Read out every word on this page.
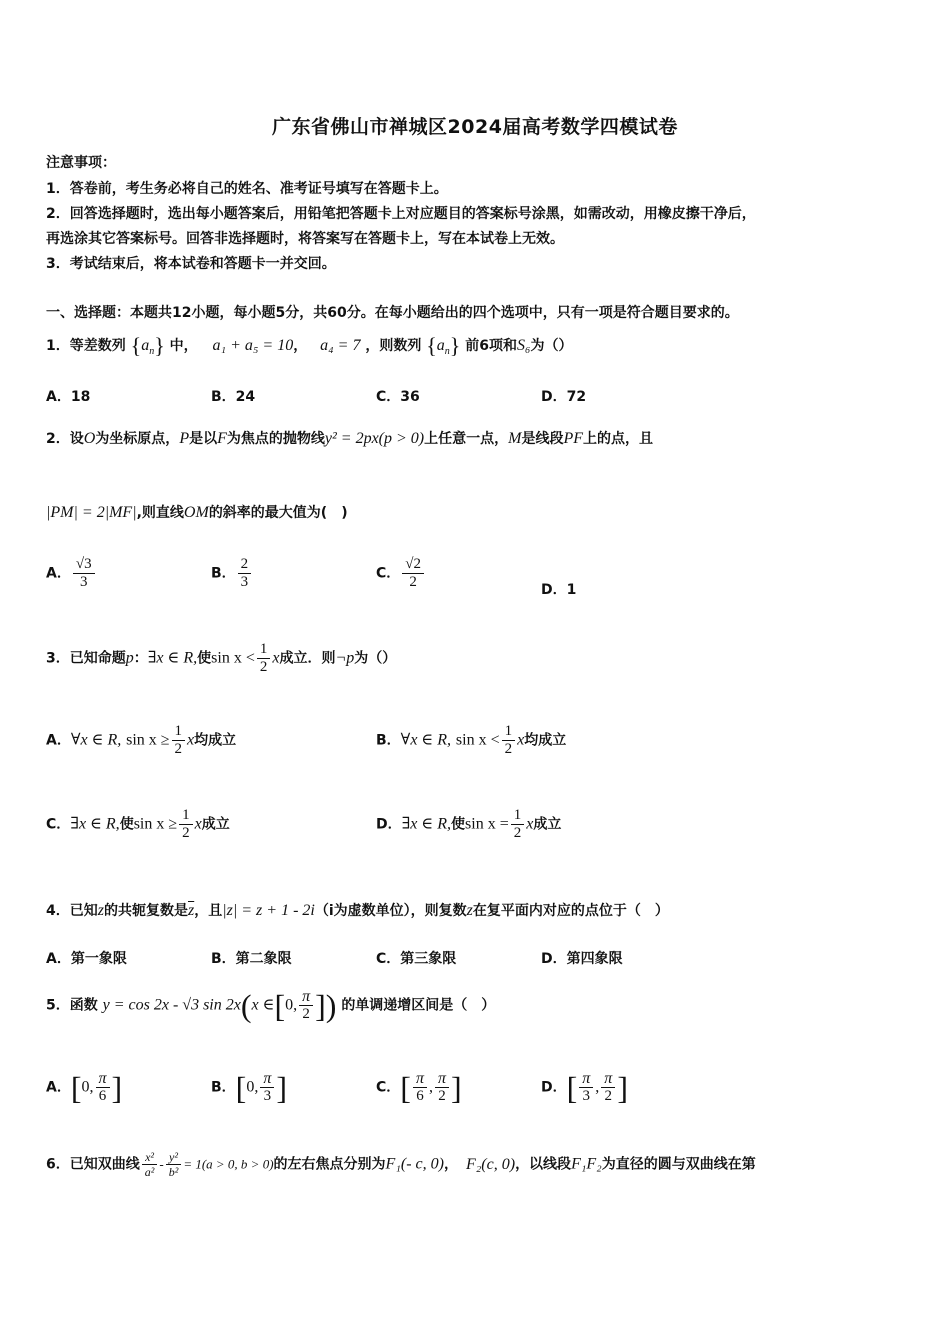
广东省佛山市禅城区2024届高考数学四模试卷
注意事项：
1．答卷前，考生务必将自己的姓名、准考证号填写在答题卡上。
2．回答选择题时，选出每小题答案后，用铅笔把答题卡上对应题目的答案标号涂黑，如需改动，用橡皮擦干净后，
再选涂其它答案标号。回答非选择题时，将答案写在答题卡上，写在本试卷上无效。
3．考试结束后，将本试卷和答题卡一并交回。
一、选择题：本题共12小题，每小题5分，共60分。在每小题给出的四个选项中，只有一项是符合题目要求的。
1．等差数列 $\{a_n\}$ 中， a₁ + a₅ = 10， a₄ = 7 ，则数列 $\{a_n\}$ 前6项和S₆为（）
A．18	B．24	C．36	D．72
2．设O为坐标原点，P是以F为焦点的抛物线y² = 2px(p > 0)上任意一点，M是线段PF上的点，且
|PM| = 2|MF|,则直线OM的斜率的最大值为(　)
A． $\frac{√3}{3}$	B． $\frac{2}{3}$	C． $\frac{√2}{2}$	D．1
3．已知命题p：∃x ∈ R,使$\sin x < \frac{1}{2}$ x成立．则¬p为（）
A．∀x ∈ R, $\sin x \ge \frac{1}{2}$ x均成立	B．∀x ∈ R, $\sin x < \frac{1}{2}$ x均成立
C．∃x ∈ R,使$\sin x \ge \frac{1}{2}$ x成立	D．∃x ∈ R,使$\sin x = \frac{1}{2}$ x成立
4．已知z的共轭复数是$\overline{z}$，且|z| = z + 1 - 2i（i为虚数单位），则复数z在复平面内对应的点位于（　）
A．第一象限	B．第二象限	C．第三象限	D．第四象限
5．函数 y = cos 2x - √3 sin 2x(x ∈[0, $\frac{\pi}{2}$ ]) 的单调递增区间是（　）
A．[0, $\frac{\pi}{6}$ ]	B．[0, $\frac{\pi}{3}$ ]	C．[ $\frac{\pi}{6}$ , $\frac{\pi}{2}$ ]	D．[ $\frac{\pi}{3}$ , $\frac{\pi}{2}$ ]
6．已知双曲线 $\frac{\text{x²}}{\text{a²}} - \frac{\text{y²}}{\text{b²}} = 1(a > 0$, b > 0)的左右焦点分别为F₁(- c, 0)， F₂(c, 0)，以线段F₁F₂为直径的圆与双曲线在第
